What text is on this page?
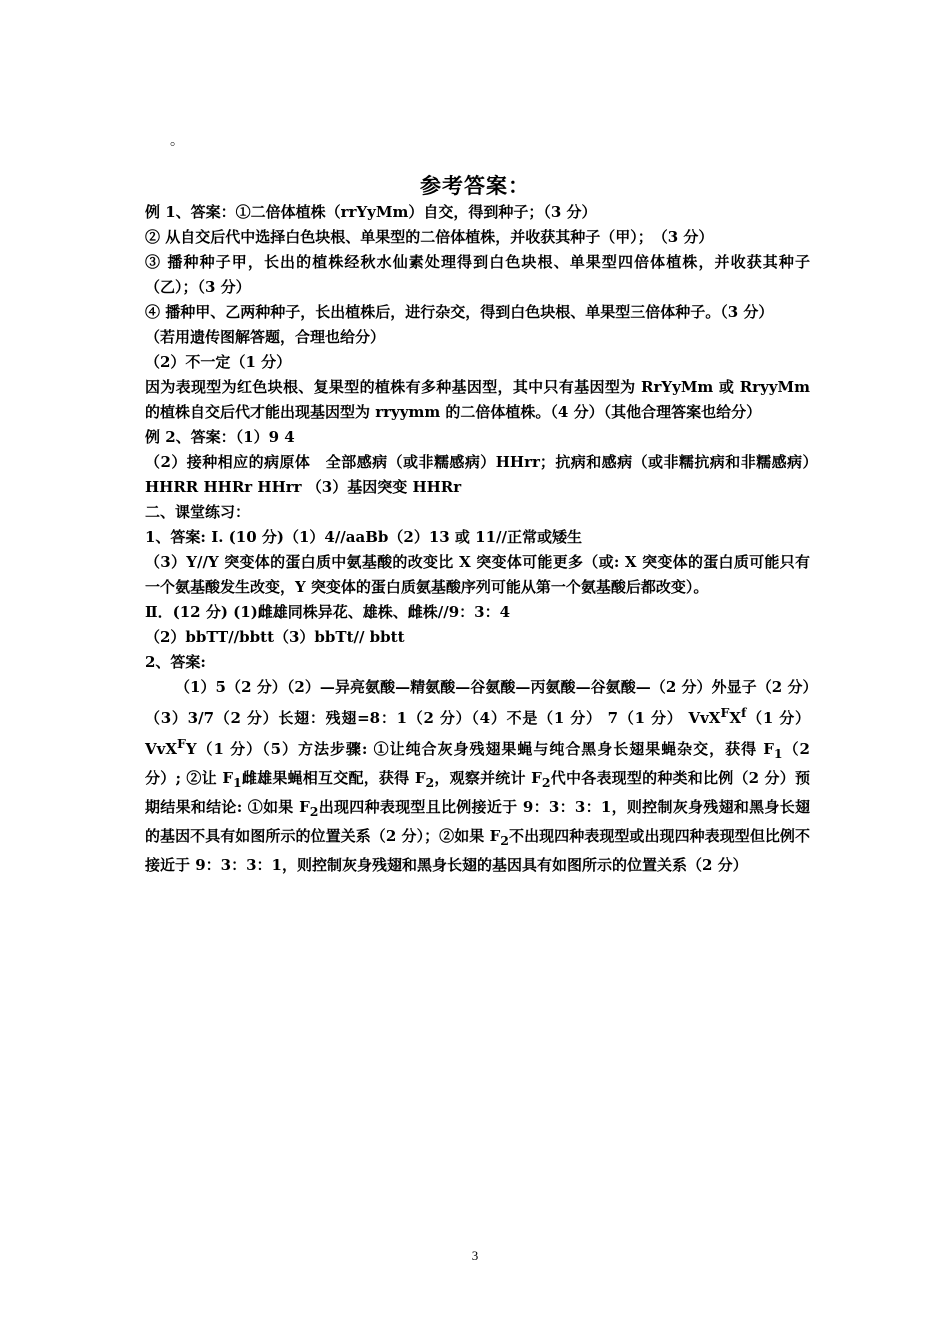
。
参考答案：

例 1、答案：①二倍体植株（rrYyMm）自交，得到种子；（3 分）

② 从自交后代中选择白色块根、单果型的二倍体植株，并收获其种子（甲）；　（3 分）

③ 播种种子甲，长出的植株经秋水仙素处理得到白色块根、单果型四倍体植株，并收获其种子（乙）；（3 分）

④ 播种甲、乙两种种子，长出植株后，进行杂交，得到白色块根、单果型三倍体种子。（3 分）

（若用遗传图解答题，合理也给分）

（2）不一定（1 分）

因为表现型为红色块根、复果型的植株有多种基因型，其中只有基因型为 RrYyMm 或 RryyMm 的植株自交后代才能出现基因型为 rryymm 的二倍体植株。（4 分）（其他合理答案也给分）

例 2、答案：（1）9 4

（2）接种相应的病原体　全部感病（或非糯感病）HHrr；抗病和感病（或非糯抗病和非糯感病）　HHRR HHRr HHrr （3）基因突变 HHRr

二、课堂练习：

1、答案: I. (10 分)（1）4//aaBb（2）13 或 11//正常或矮生

（3）Y//Y 突变体的蛋白质中氨基酸的改变比 X 突变体可能更多（或: X 突变体的蛋白质可能只有一个氨基酸发生改变，Y 突变体的蛋白质氨基酸序列可能从第一个氨基酸后都改变）。

Ⅱ．(12 分) (1)雌雄同株异花、雄株、雌株//9：3：4

（2）bbTT//bbtt（3）bbTt// bbtt

2、答案:

（1）5（2 分）（2）—异亮氨酸—精氨酸—谷氨酸—丙氨酸—谷氨酸—（2 分）外显子（2 分）（3）3/7（2 分）长翅：残翅=8：1（2 分）（4）不是（1 分） 7（1 分） $VvX^FX^f(1$ 分） VvX$^F$Y（1 分）（5）方法步骤: ①让纯合灰身残翅果蝇与纯合黑身长翅果蝇杂交，获得 $F_1(2$ 分）; ②让 $F_1$雌雄果蝇相互交配，获得 $F_2$，观察并统计 $F_2$代中各表现型的种类和比例（2 分）预期结果和结论: ①如果 $F_2$出现四种表现型且比例接近于 9：3：3：1，则控制灰身残翅和黑身长翅的基因不具有如图所示的位置关系（2 分）；②如果 $F_2$不出现四种表现型或出现四种表现型但比例不接近于 9：3：3：1，则控制灰身残翅和黑身长翅的基因具有如图所示的位置关系（2 分）

3
